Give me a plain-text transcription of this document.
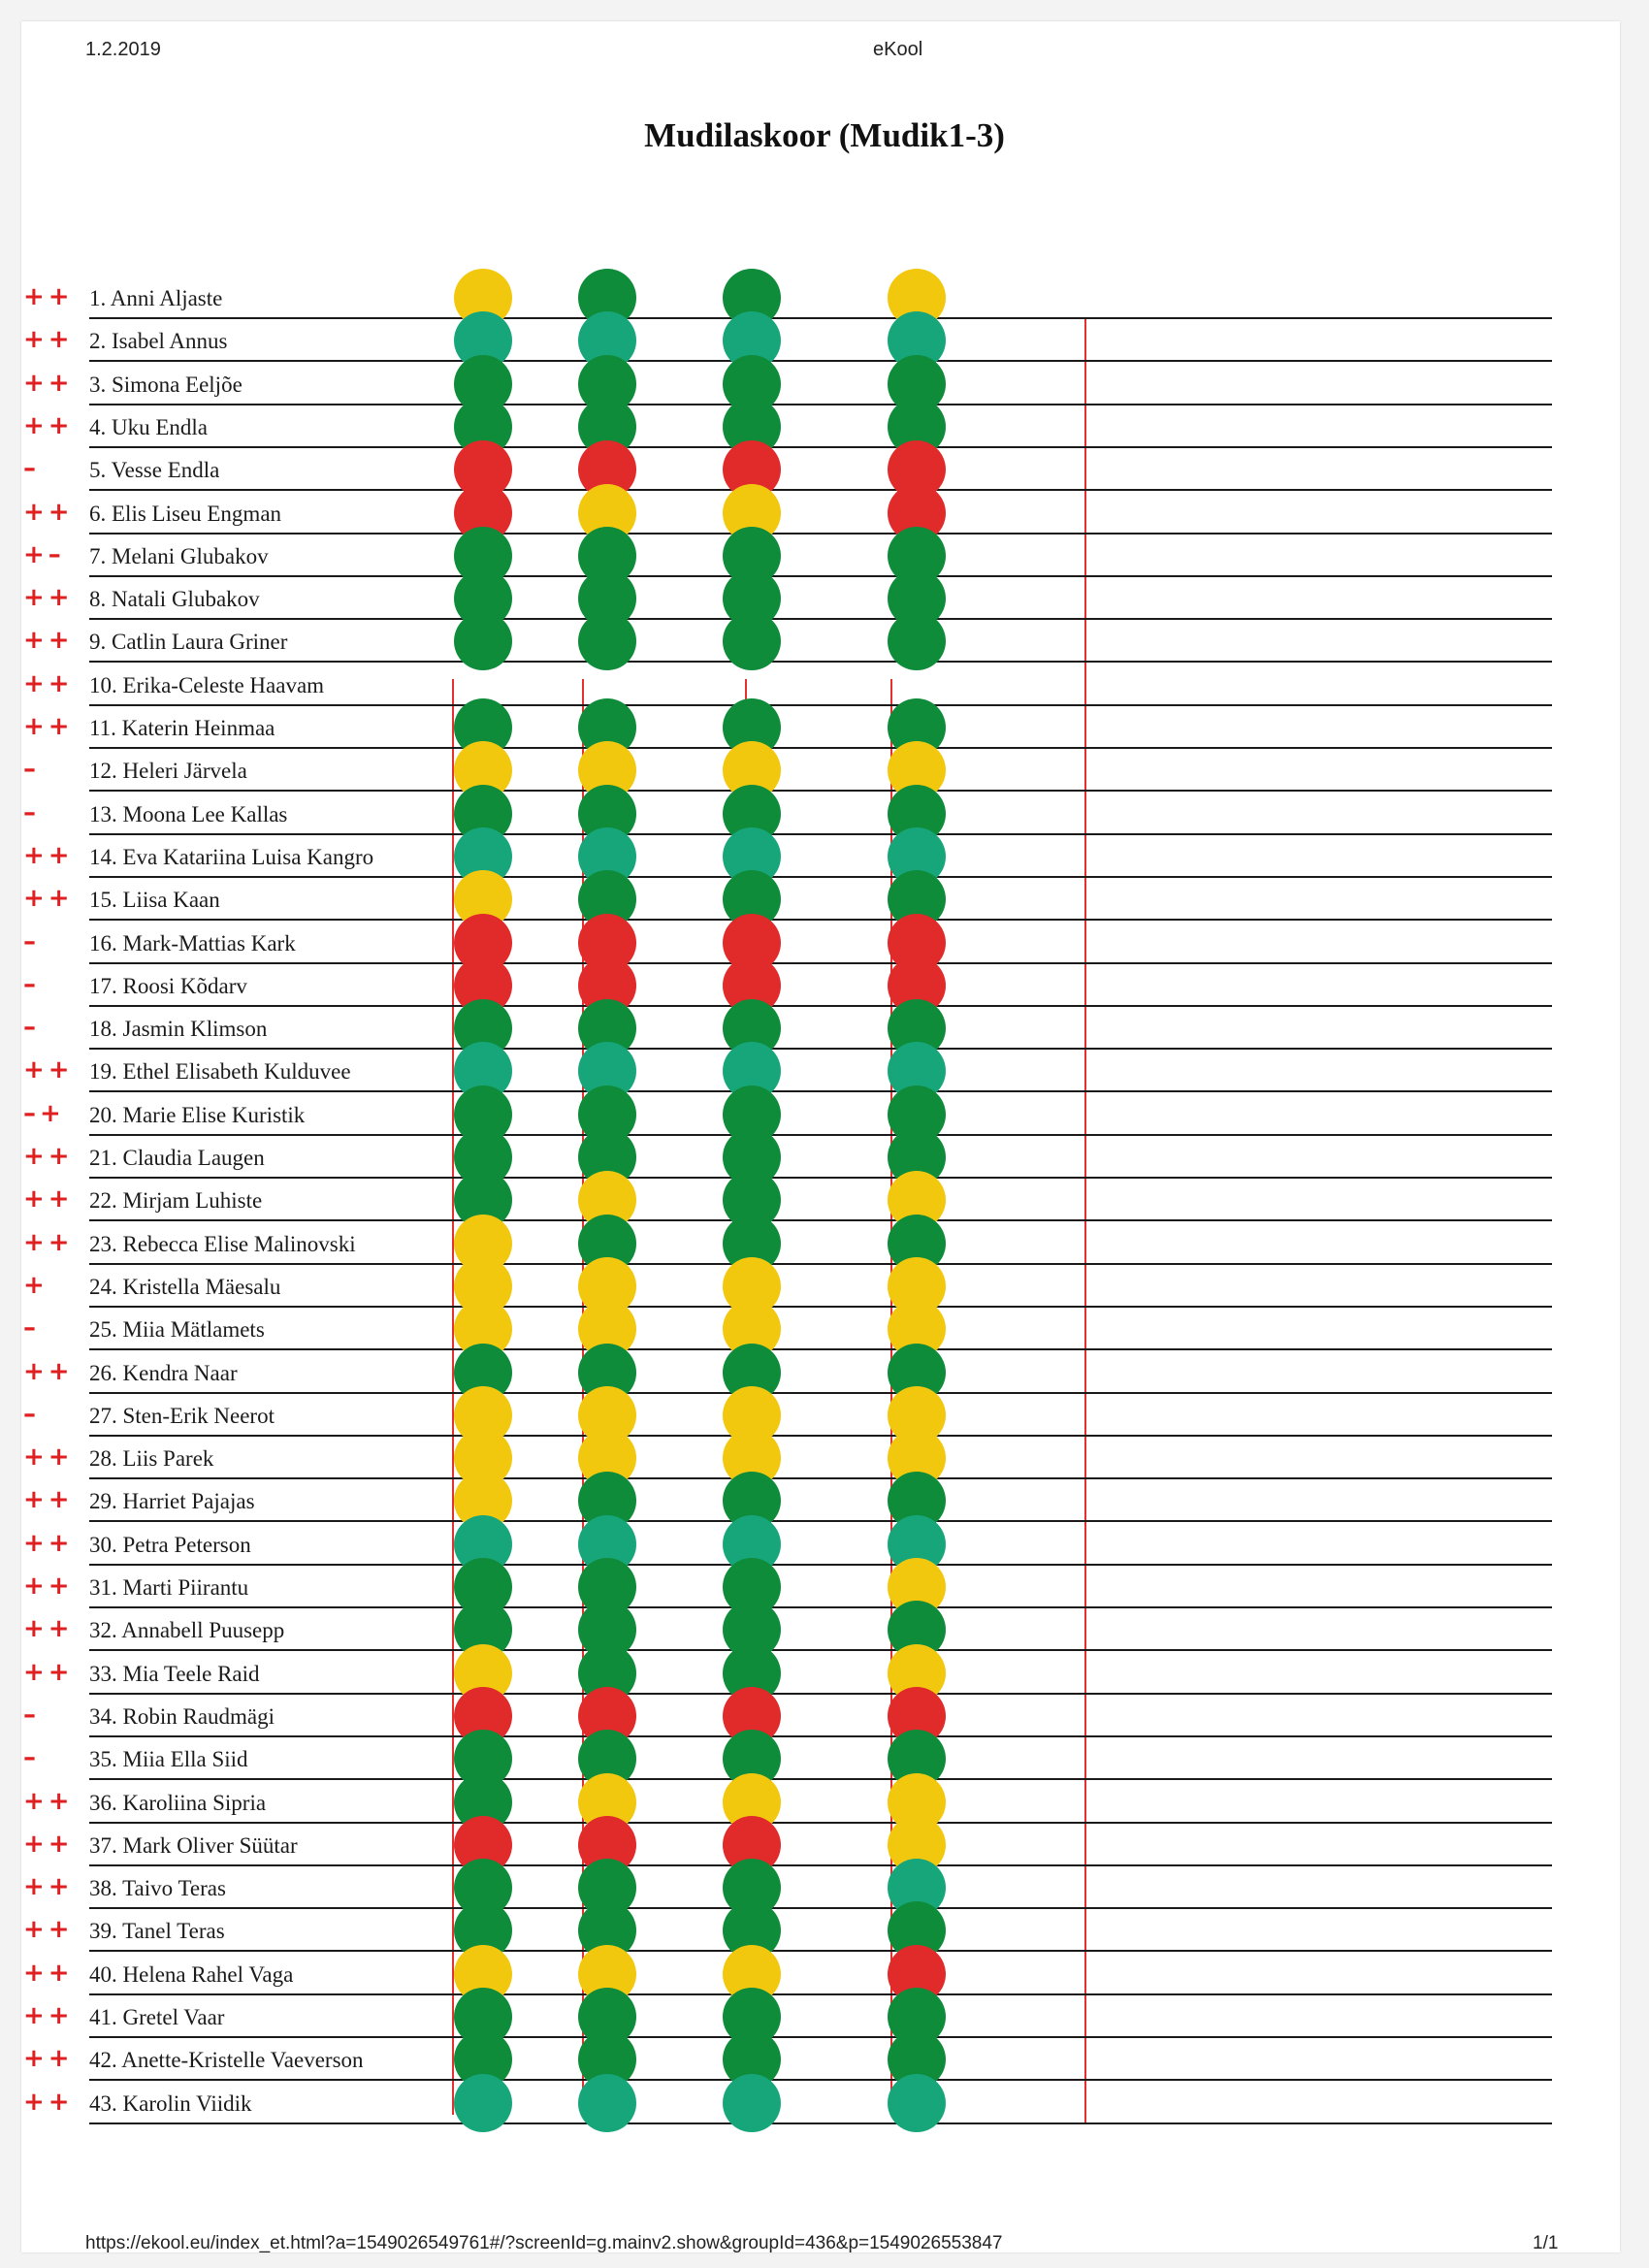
1.2.2019	eKool
Mudilaskoor (Mudik1-3)
++ 1. Anni Aljaste
++ 2. Isabel Annus
++ 3. Simona Eeljõe
++ 4. Uku Endla
–	5. Vesse Endla
++ 6. Elis Liseu Engman
+–	7. Melani Glubakov
++ 8. Natali Glubakov
++ 9. Catlin Laura Griner
++ 10. Erika-Celeste Haavam
++ 11. Katerin Heinmaa
–	12. Heleri Järvela
–	13. Moona Lee Kallas
++ 14. Eva Katariina Luisa Kangro
++ 15. Liisa Kaan
–	16. Mark-Mattias Kark
–	17. Roosi Kõdarv
–	18. Jasmin Klimson
++ 19. Ethel Elisabeth Kulduvee
–+	20. Marie Elise Kuristik
++ 21. Claudia Laugen
++ 22. Mirjam Luhiste
++ 23. Rebecca Elise Malinovski
+	24. Kristella Mäesalu
–	25. Miia Mätlamets
++ 26. Kendra Naar
–	27. Sten-Erik Neerot
++ 28. Liis Parek
++ 29. Harriet Pajajas
++ 30. Petra Peterson
++ 31. Marti Piirantu
++ 32. Annabell Puusepp
++ 33. Mia Teele Raid
–	34. Robin Raudmägi
–	35. Miia Ella Siid
++ 36. Karoliina Sipria
++ 37. Mark Oliver Süütar
++ 38. Taivo Teras
++ 39. Tanel Teras
++ 40. Helena Rahel Vaga
++ 41. Gretel Vaar
++ 42. Anette-Kristelle Vaeverson
++ 43. Karolin Viidik
https://ekool.eu/index_et.html?a=1549026549761#/?screenId=g.mainv2.show&groupId=436&p=1549026553847	1/1
